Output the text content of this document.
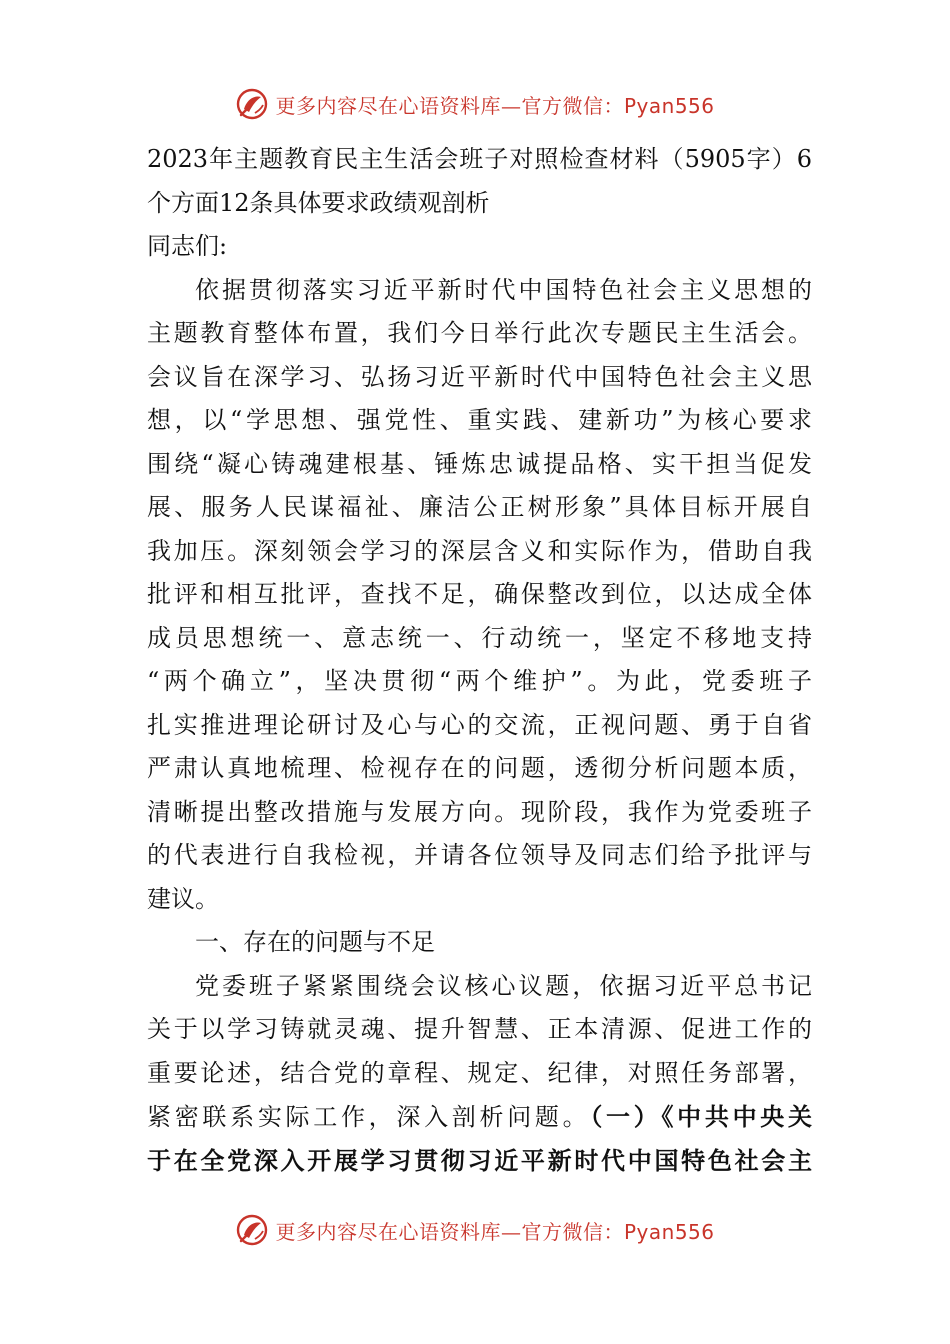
更多内容尽在心语资料库—官方微信：Pyan556
2023年主题教育民主生活会班子对照检查材料（5905字）6
个方面12条具体要求政绩观剖析
同志们:
依据贯彻落实习近平新时代中国特色社会主义思想的
主题教育整体布置，我们今日举行此次专题民主生活会。
会议旨在深学习、弘扬习近平新时代中国特色社会主义思
想，以“学思想、强党性、重实践、建新功”为核心要求
围绕“凝心铸魂建根基、锤炼忠诚提品格、实干担当促发
展、服务人民谋福祉、廉洁公正树形象”具体目标开展自
我加压。深刻领会学习的深层含义和实际作为，借助自我
批评和相互批评，查找不足，确保整改到位，以达成全体
成员思想统一、意志统一、行动统一，坚定不移地支持
“两个确立”，坚决贯彻“两个维护”。为此，党委班子
扎实推进理论研讨及心与心的交流，正视问题、勇于自省
严肃认真地梳理、检视存在的问题，透彻分析问题本质，
清晰提出整改措施与发展方向。现阶段，我作为党委班子
的代表进行自我检视，并请各位领导及同志们给予批评与
建议。
一、存在的问题与不足
党委班子紧紧围绕会议核心议题，依据习近平总书记
关于以学习铸就灵魂、提升智慧、正本清源、促进工作的
重要论述，结合党的章程、规定、纪律，对照任务部署，
紧密联系实际工作，深入剖析问题。（一）《中共中央关
于在全党深入开展学习贯彻习近平新时代中国特色社会主
更多内容尽在心语资料库—官方微信：Pyan556
